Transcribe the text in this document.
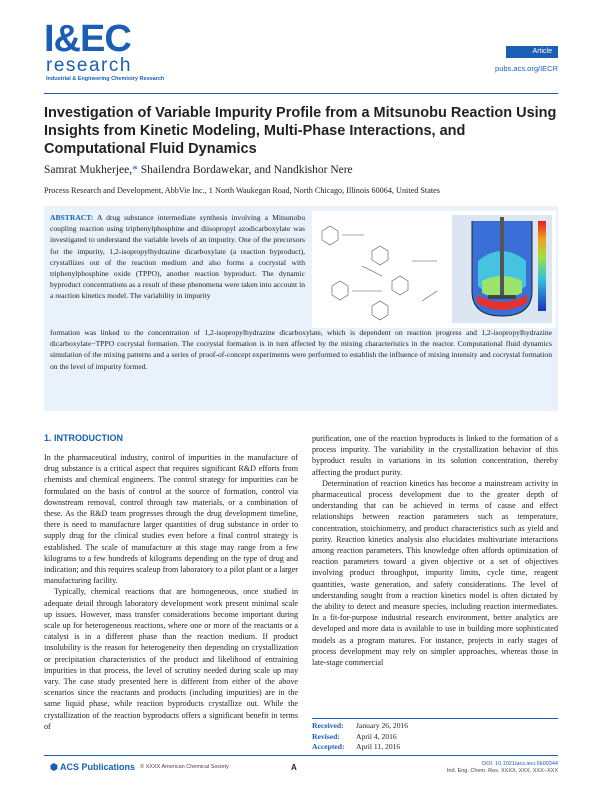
I&EC
research
Industrial & Engineering Chemistry Research
Article
pubs.acs.org/IECR
Investigation of Variable Impurity Profile from a Mitsunobu Reaction Using Insights from Kinetic Modeling, Multi-Phase Interactions, and Computational Fluid Dynamics
Samrat Mukherjee,* Shailendra Bordawekar, and Nandkishor Nere
Process Research and Development, AbbVie Inc., 1 North Waukegan Road, North Chicago, Illinois 60064, United States
ABSTRACT: A drug substance intermediate synthesis involving a Mitsunobu coupling reaction using triphenylphosphine and diisopropyl azodicarboxylate was investigated to understand the variable levels of an impurity. One of the precursors for the impurity, 1,2-isopropylhydrazine dicarboxylate (a reaction byproduct), crystallizes out of the reaction medium and also forms a cocrystal with triphenylphosphine oxide (TPPO), another reaction byproduct. The dynamic byproduct concentrations as a result of these phenomena were taken into account in a reaction kinetics model. The variability in impurity
formation was linked to the concentration of 1,2-isopropylhydrazine dicarboxylate, which is dependent on reaction progress and 1,2-isopropylhydrazine dicarboxylate−TPPO cocrystal formation. The cocrystal formation is in turn affected by the mixing characteristics in the reactor. Computational fluid dynamics simulation of the mixing patterns and a series of proof-of-concept experiments were performed to establish the influence of mixing intensity and cocrystal formation on the level of impurity formed.
1. INTRODUCTION

In the pharmaceutical industry, control of impurities in the manufacture of drug substance is a critical aspect that requires significant R&D efforts from chemists and chemical engineers. The control strategy for impurities can be formulated on the basis of control at the source of formation, control via downstream removal, control through raw materials, or a combination of these. As the R&D team progresses through the drug development timeline, there is need to manufacture larger quantities of drug substance in order to supply drug for the clinical studies even before a final control strategy is established. The scale of manufacture at this stage may range from a few kilograms to a few hundreds of kilograms depending on the type of drug and indication; and this requires scaleup from laboratory to a pilot plant or a larger manufacturing facility.

Typically, chemical reactions that are homogeneous, once studied in adequate detail through laboratory development work present minimal scale up issues. However, mass transfer considerations become important during scale up for heterogeneous reactions, where one or more of the reactants or a catalyst is in a different phase than the reaction medium. If product insolubility is the reason for heterogeneity then depending on crystallization or precipitation characteristics of the product and likelihood of entraining impurities in that process, the level of scrutiny needed during scale up may vary. The case study presented here is different from either of the above scenarios since the reactants and products (including impurities) are in the same liquid phase, while reaction byproducts crystallize out. While the crystallization of the reaction byproducts offers a significant benefit in terms of

purification, one of the reaction byproducts is linked to the formation of a process impurity. The variability in the crystallization behavior of this byproduct results in variations in its solution concentration, thereby affecting the product purity.

Determination of reaction kinetics has become a mainstream activity in pharmaceutical process development due to the greater depth of understanding that can be achieved in terms of cause and effect relationships between reaction parameters such as temperature, concentration, stoichiometry, and product characteristics such as yield and purity. Reaction kinetics analysis also elucidates multivariate interactions among reaction parameters. This knowledge often affords optimization of reaction parameters toward a given objective or a set of objectives involving product throughput, impurity limits, cycle time, reagent quantities, waste generation, and safety considerations. The level of understanding sought from a reaction kinetics model is often dictated by the ability to detect and measure species, including reaction intermediates. In a fit-for-purpose industrial research environment, better analytics are developed and more data is available to use in building more sophisticated models as a program matures. For instance, projects in early stages of process development may rely on simpler approaches, whereas those in late-stage commercial

Received: January 26, 2016
Revised: April 4, 2016
Accepted: April 11, 2016
⬢ ACS Publications © XXXX American Chemical Society	A	DOI: 10.1021/acs.iecr.6b00344
Ind. Eng. Chem. Res. XXXX, XXX, XXX−XXX
